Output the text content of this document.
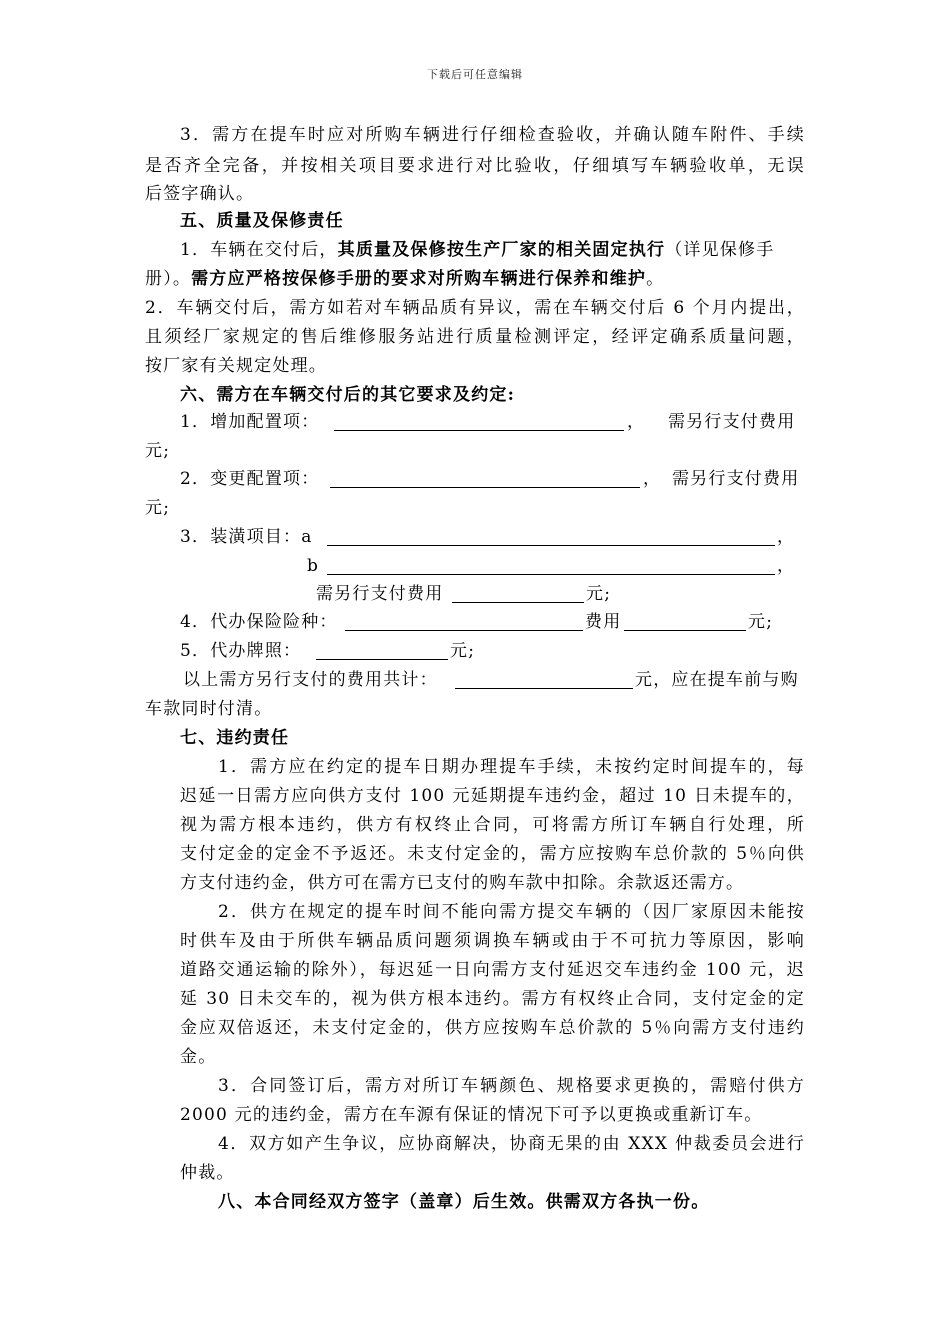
下载后可任意编辑
3．需方在提车时应对所购车辆进行仔细检查验收，并确认随车附件、手续
是否齐全完备，并按相关项目要求进行对比验收，仔细填写车辆验收单，无误
后签字确认。
五、质量及保修责任
1．车辆在交付后，其质量及保修按生产厂家的相关固定执行（详见保修手
册）。需方应严格按保修手册的要求对所购车辆进行保养和维护。
2．车辆交付后，需方如若对车辆品质有异议，需在车辆交付后 6 个月内提出，
且须经厂家规定的售后维修服务站进行质量检测评定，经评定确系质量问题，
按厂家有关规定处理。
六、需方在车辆交付后的其它要求及约定:
1．增加配置项：	， 需另行支付费用
元;
2．变更配置项：	， 需另行支付费用
元;
3．装潢项目：a	，
b	，
需另行支付费用	元;
4．代办保险险种：	费用	元;
5．代办牌照：	元;
以上需方另行支付的费用共计：	元，应在提车前与购
车款同时付清。
七、违约责任
1．需方应在约定的提车日期办理提车手续，未按约定时间提车的，每
迟延一日需方应向供方支付 100 元延期提车违约金，超过 10 日未提车的，
视为需方根本违约，供方有权终止合同，可将需方所订车辆自行处理，所
支付定金的定金不予返还。未支付定金的，需方应按购车总价款的 5％向供
方支付违约金，供方可在需方已支付的购车款中扣除。余款返还需方。
2．供方在规定的提车时间不能向需方提交车辆的（因厂家原因未能按
时供车及由于所供车辆品质问题须调换车辆或由于不可抗力等原因，影响
道路交通运输的除外），每迟延一日向需方支付延迟交车违约金 100 元，迟
延 30 日未交车的，视为供方根本违约。需方有权终止合同，支付定金的定
金应双倍返还，未支付定金的，供方应按购车总价款的 5％向需方支付违约
金。
3．合同签订后，需方对所订车辆颜色、规格要求更换的，需赔付供方
2000 元的违约金，需方在车源有保证的情况下可予以更换或重新订车。
4．双方如产生争议，应协商解决，协商无果的由 XXX 仲裁委员会进行
仲裁。
八、本合同经双方签字（盖章）后生效。供需双方各执一份。
